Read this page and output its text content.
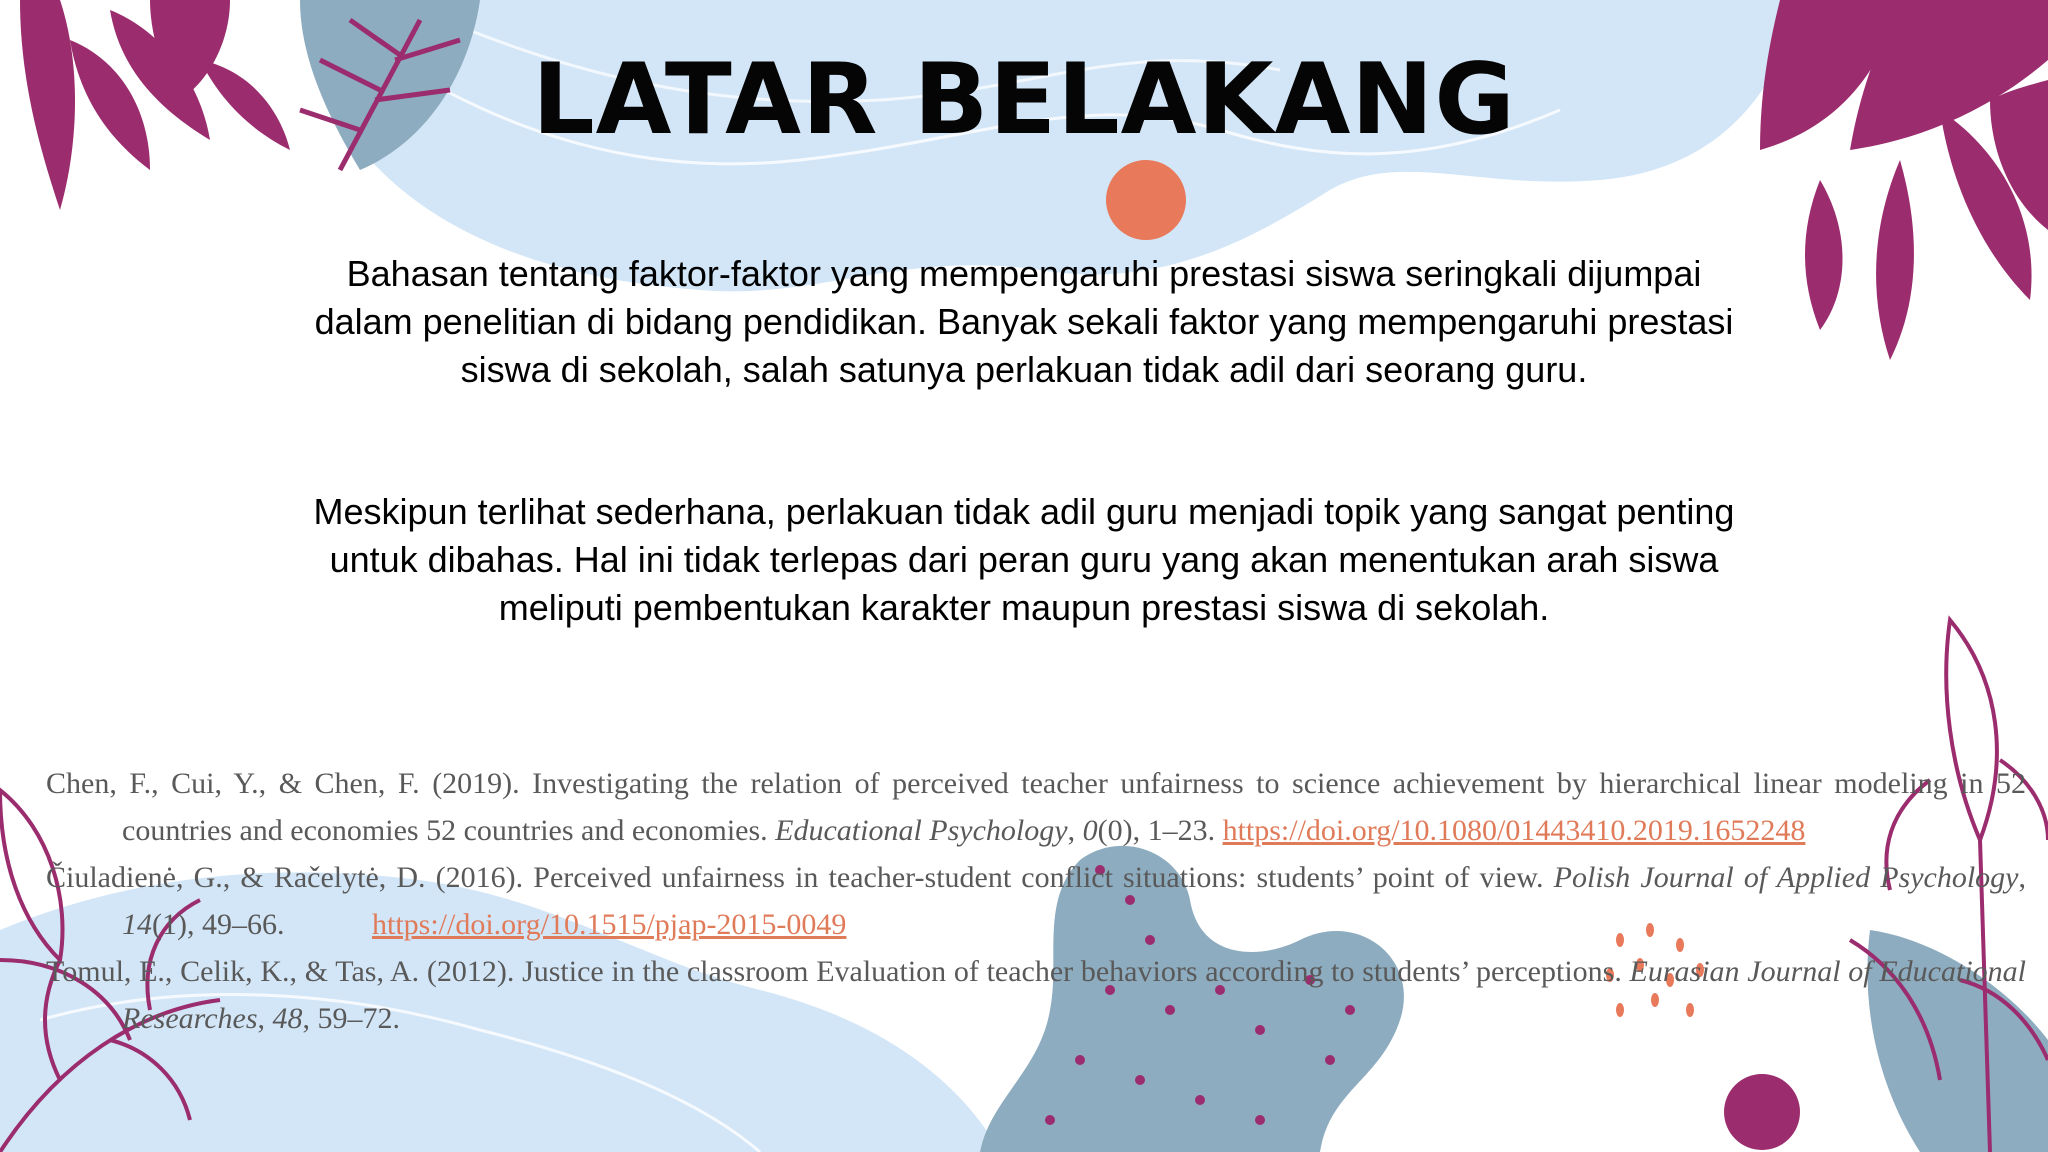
LATAR BELAKANG

Bahasan tentang faktor-faktor yang mempengaruhi prestasi siswa seringkali dijumpai dalam penelitian di bidang pendidikan. Banyak sekali faktor yang mempengaruhi prestasi siswa di sekolah, salah satunya perlakuan tidak adil dari seorang guru.

Meskipun terlihat sederhana, perlakuan tidak adil guru menjadi topik yang sangat penting untuk dibahas. Hal ini tidak terlepas dari peran guru yang akan menentukan arah siswa meliputi pembentukan karakter maupun prestasi siswa di sekolah.

Chen, F., Cui, Y., & Chen, F. (2019). Investigating the relation of perceived teacher unfairness to science achievement by hierarchical linear modeling in 52 countries and economies 52 countries and economies. Educational Psychology, 0(0), 1–23. https://doi.org/10.1080/01443410.2019.1652248

Čiuladienė, G., & Račelytė, D. (2016). Perceived unfairness in teacher-student conflict situations: students’ point of view. Polish Journal of Applied Psychology, 14(1), 49–66.	https://doi.org/10.1515/pjap-2015-0049

Tomul, E., Celik, K., & Tas, A. (2012). Justice in the classroom Evaluation of teacher behaviors according to students’ perceptions. Eurasian Journal of Educational Researches, 48, 59–72.
